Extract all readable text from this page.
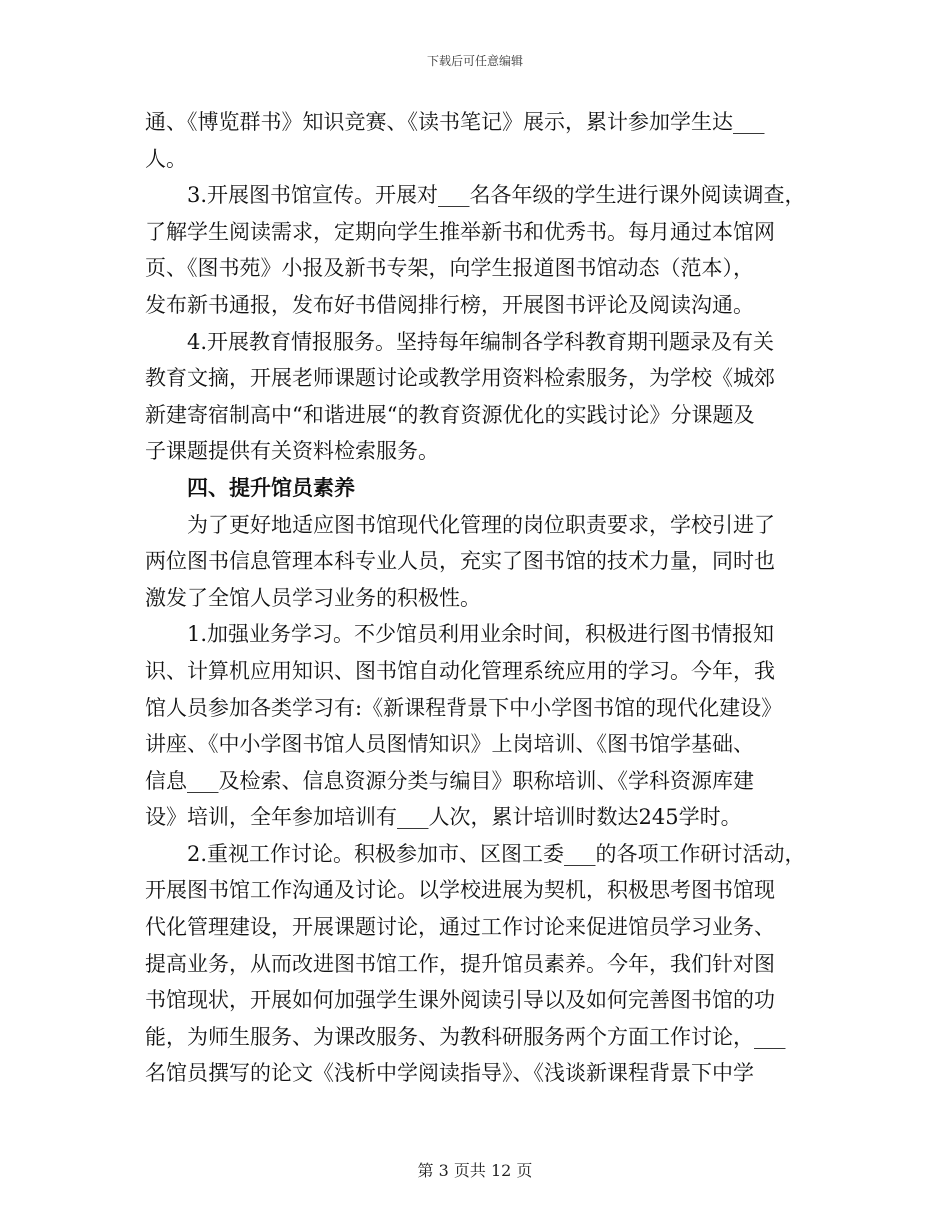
下载后可任意编辑
通、《博览群书》知识竞赛、《读书笔记》展示，累计参加学生达___
人。
3.开展图书馆宣传。开展对___名各年级的学生进行课外阅读调查，
了解学生阅读需求，定期向学生推举新书和优秀书。每月通过本馆网
页、《图书苑》小报及新书专架，向学生报道图书馆动态（范本），
发布新书通报，发布好书借阅排行榜，开展图书评论及阅读沟通。
4.开展教育情报服务。坚持每年编制各学科教育期刊题录及有关
教育文摘，开展老师课题讨论或教学用资料检索服务，为学校《城郊
新建寄宿制高中“和谐进展“的教育资源优化的实践讨论》分课题及
子课题提供有关资料检索服务。
四、提升馆员素养
为了更好地适应图书馆现代化管理的岗位职责要求，学校引进了
两位图书信息管理本科专业人员，充实了图书馆的技术力量，同时也
激发了全馆人员学习业务的积极性。
1.加强业务学习。不少馆员利用业余时间，积极进行图书情报知
识、计算机应用知识、图书馆自动化管理系统应用的学习。今年，我
馆人员参加各类学习有:《新课程背景下中小学图书馆的现代化建设》
讲座、《中小学图书馆人员图情知识》上岗培训、《图书馆学基础、
信息___及检索、信息资源分类与编目》职称培训、《学科资源库建
设》培训，全年参加培训有___人次，累计培训时数达245学时。
2.重视工作讨论。积极参加市、区图工委___的各项工作研讨活动，
开展图书馆工作沟通及讨论。以学校进展为契机，积极思考图书馆现
代化管理建设，开展课题讨论，通过工作讨论来促进馆员学习业务、
提高业务，从而改进图书馆工作，提升馆员素养。今年，我们针对图
书馆现状，开展如何加强学生课外阅读引导以及如何完善图书馆的功
能，为师生服务、为课改服务、为教科研服务两个方面工作讨论，___
名馆员撰写的论文《浅析中学阅读指导》、《浅谈新课程背景下中学
第 3 页共 12 页
